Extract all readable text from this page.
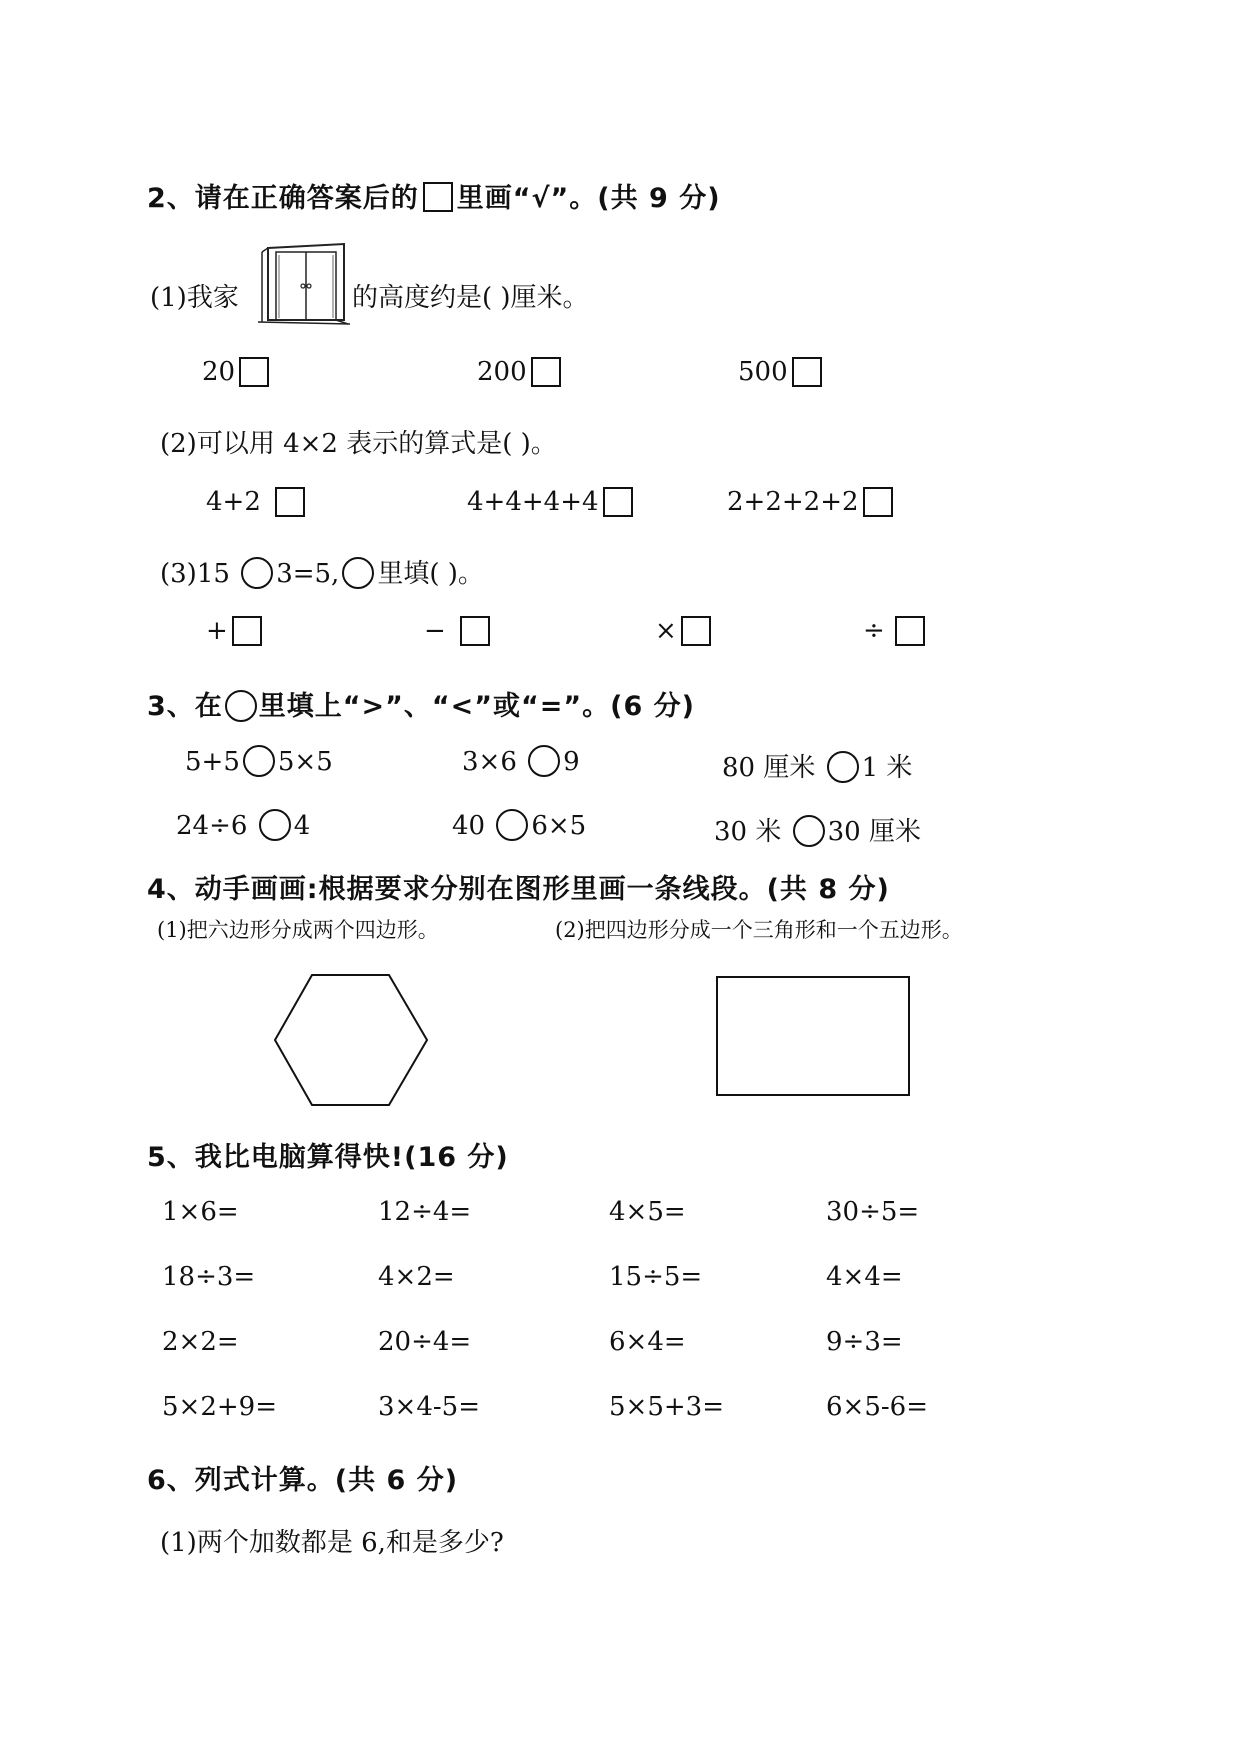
2、请在正确答案后的 里画“√”。(共 9 分)
(1)我家	的高度约是( )厘米。
20	200	500
(2)可以用 4×2 表示的算式是( )。
4+2	4+4+4+4	2+2+2+2
(3)15 3=5, 里填( )。
+	−	×	÷
3、在 里填上“>”、“<”或“=”。(6 分)
5+5 5×5	3×6 9	80 厘米 1 米
24÷6 4	40 6×5	30 米 30 厘米
4、动手画画:根据要求分别在图形里画一条线段。(共 8 分)
(1)把六边形分成两个四边形。	(2)把四边形分成一个三角形和一个五边形。
5、我比电脑算得快!(16 分)
1×6=	12÷4=	4×5=	30÷5=
18÷3=	4×2=	15÷5=	4×4=
2×2=	20÷4=	6×4=	9÷3=
5×2+9=	3×4-5=	5×5+3=	6×5-6=
6、列式计算。(共 6 分)
(1)两个加数都是 6,和是多少?
